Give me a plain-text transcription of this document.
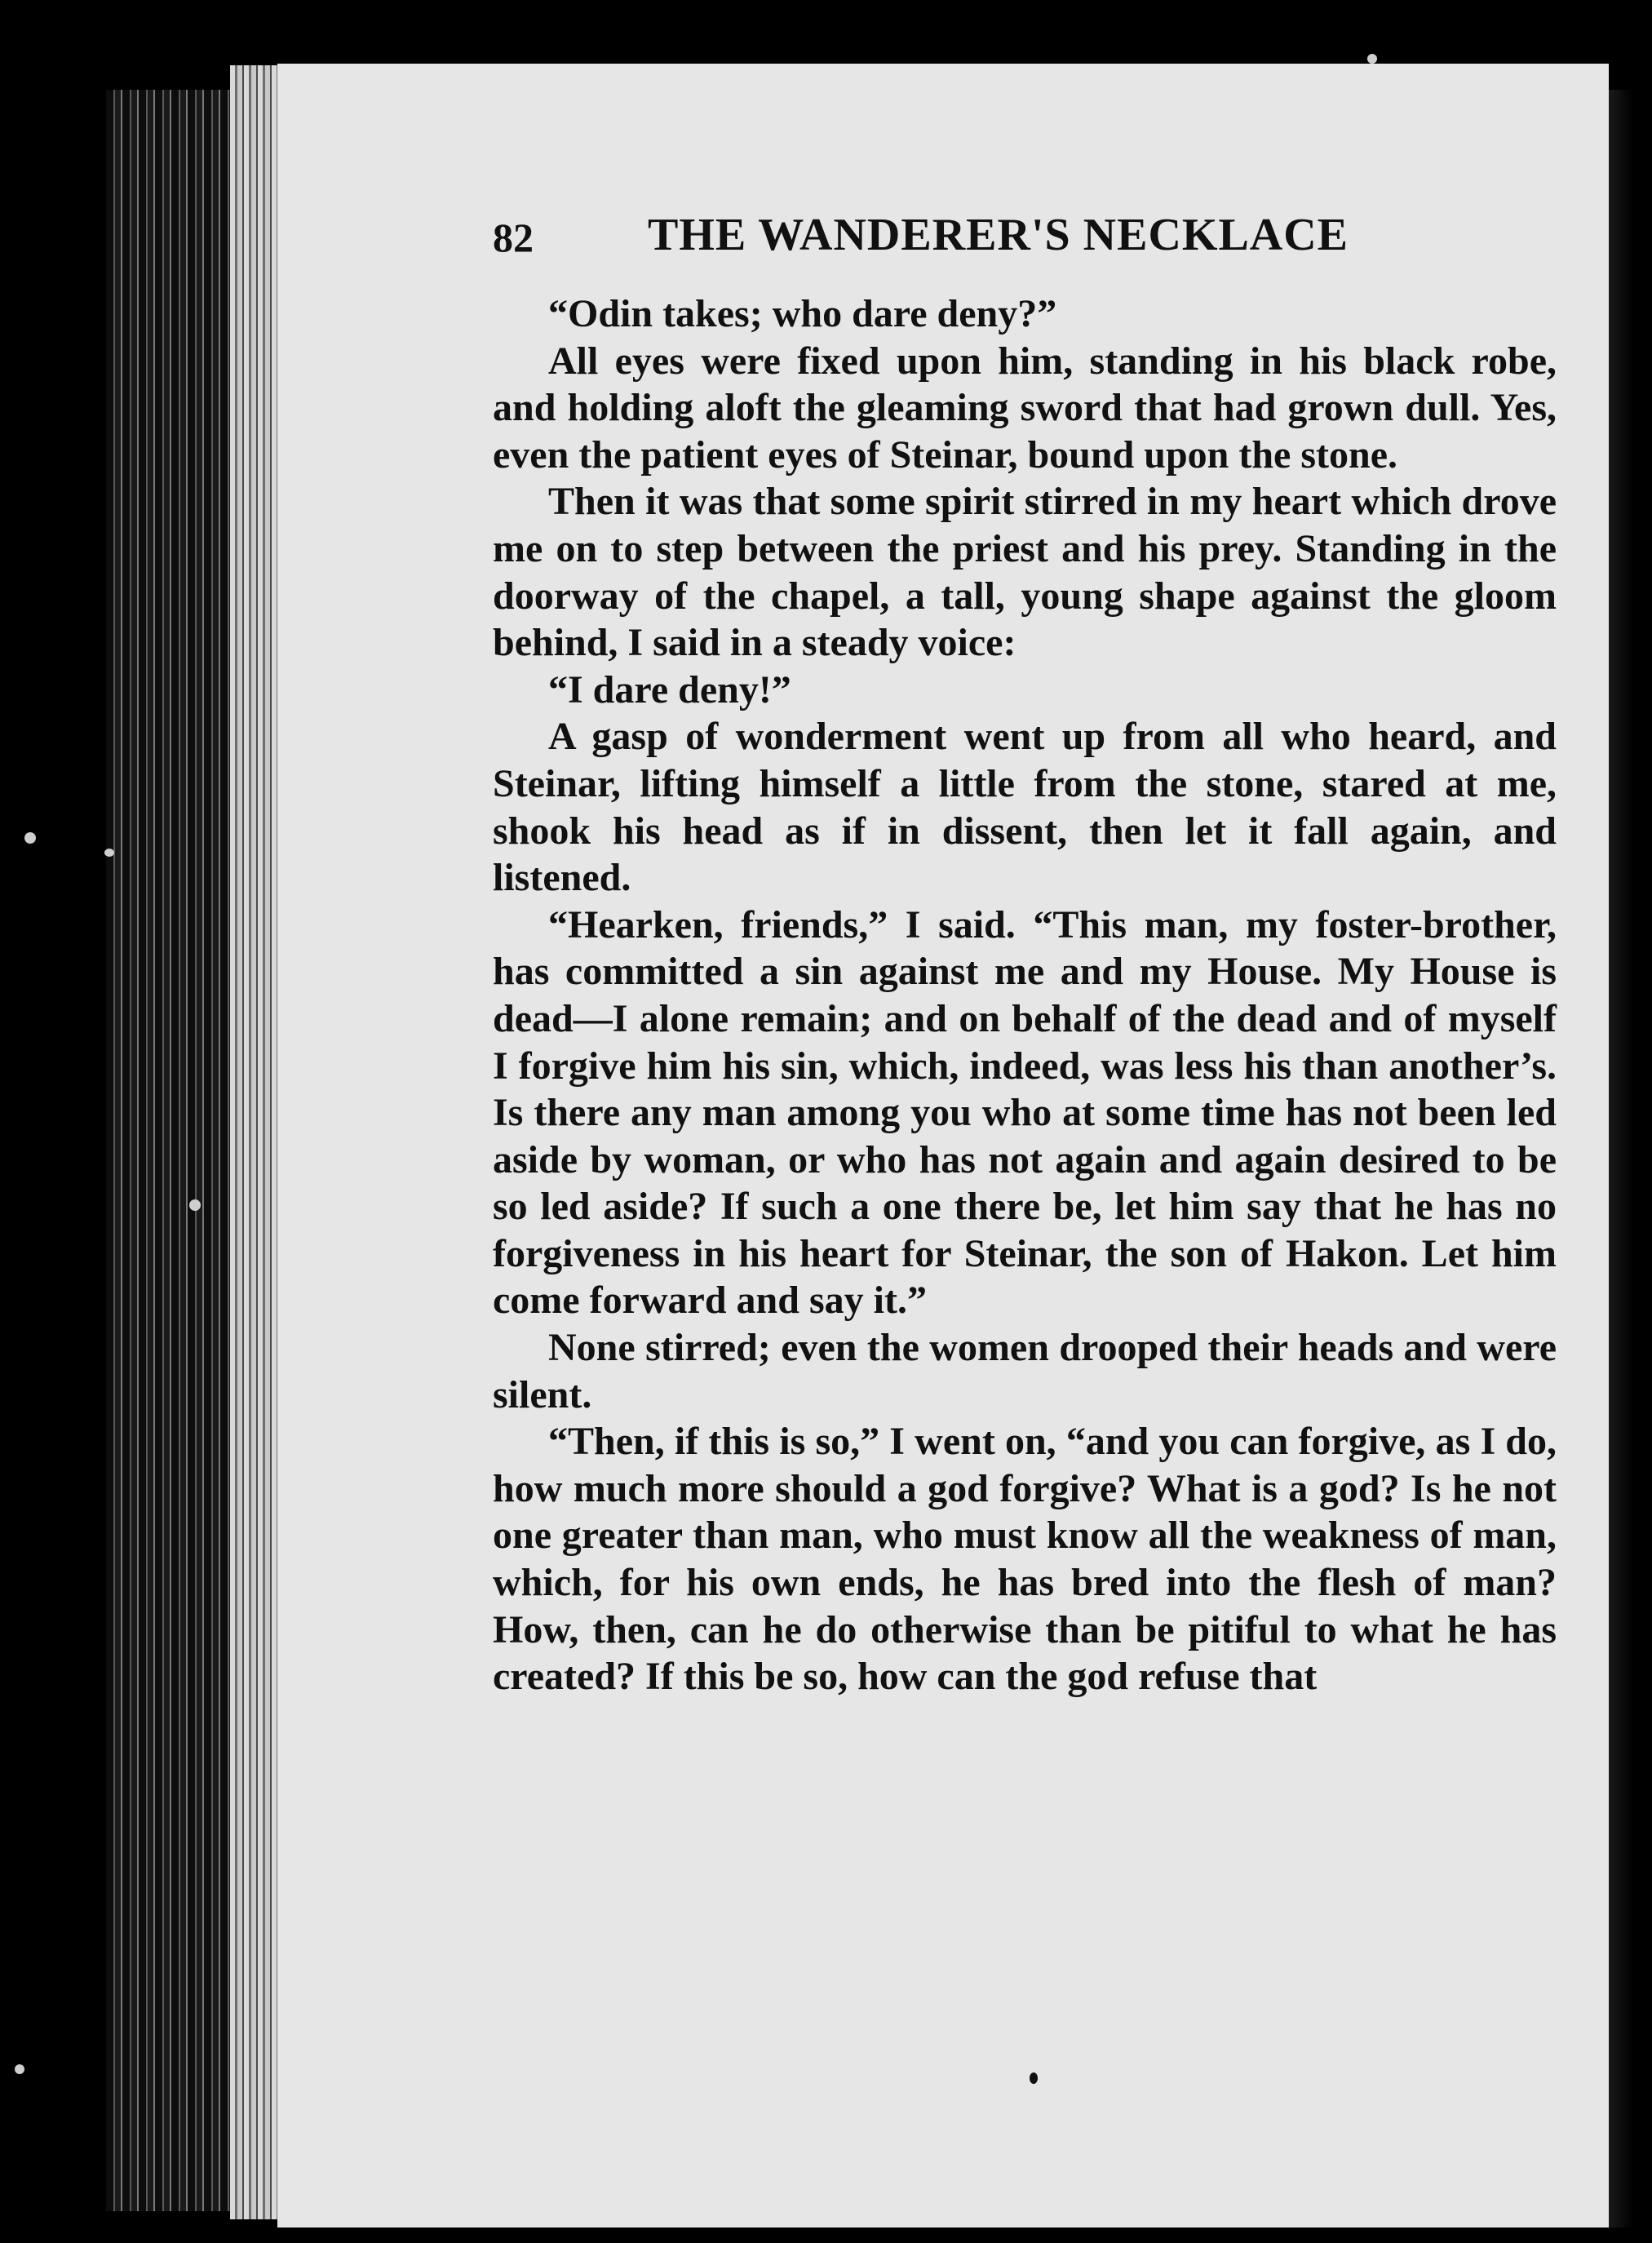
82	THE WANDERER'S NECKLACE

“Odin takes; who dare deny?”

All eyes were fixed upon him, standing in his black robe, and holding aloft the gleaming sword that had grown dull. Yes, even the patient eyes of Steinar, bound upon the stone.

Then it was that some spirit stirred in my heart which drove me on to step between the priest and his prey. Standing in the doorway of the chapel, a tall, young shape against the gloom behind, I said in a steady voice:

“I dare deny!”

A gasp of wonderment went up from all who heard, and Steinar, lifting himself a little from the stone, stared at me, shook his head as if in dissent, then let it fall again, and listened.

“Hearken, friends,” I said. “This man, my foster-brother, has committed a sin against me and my House. My House is dead—I alone remain; and on behalf of the dead and of myself I forgive him his sin, which, indeed, was less his than another’s. Is there any man among you who at some time has not been led aside by woman, or who has not again and again desired to be so led aside? If such a one there be, let him say that he has no forgiveness in his heart for Steinar, the son of Hakon. Let him come forward and say it.”

None stirred; even the women drooped their heads and were silent.

“Then, if this is so,” I went on, “and you can forgive, as I do, how much more should a god forgive? What is a god? Is he not one greater than man, who must know all the weakness of man, which, for his own ends, he has bred into the flesh of man? How, then, can he do otherwise than be pitiful to what he has created? If this be so, how can the god refuse that
